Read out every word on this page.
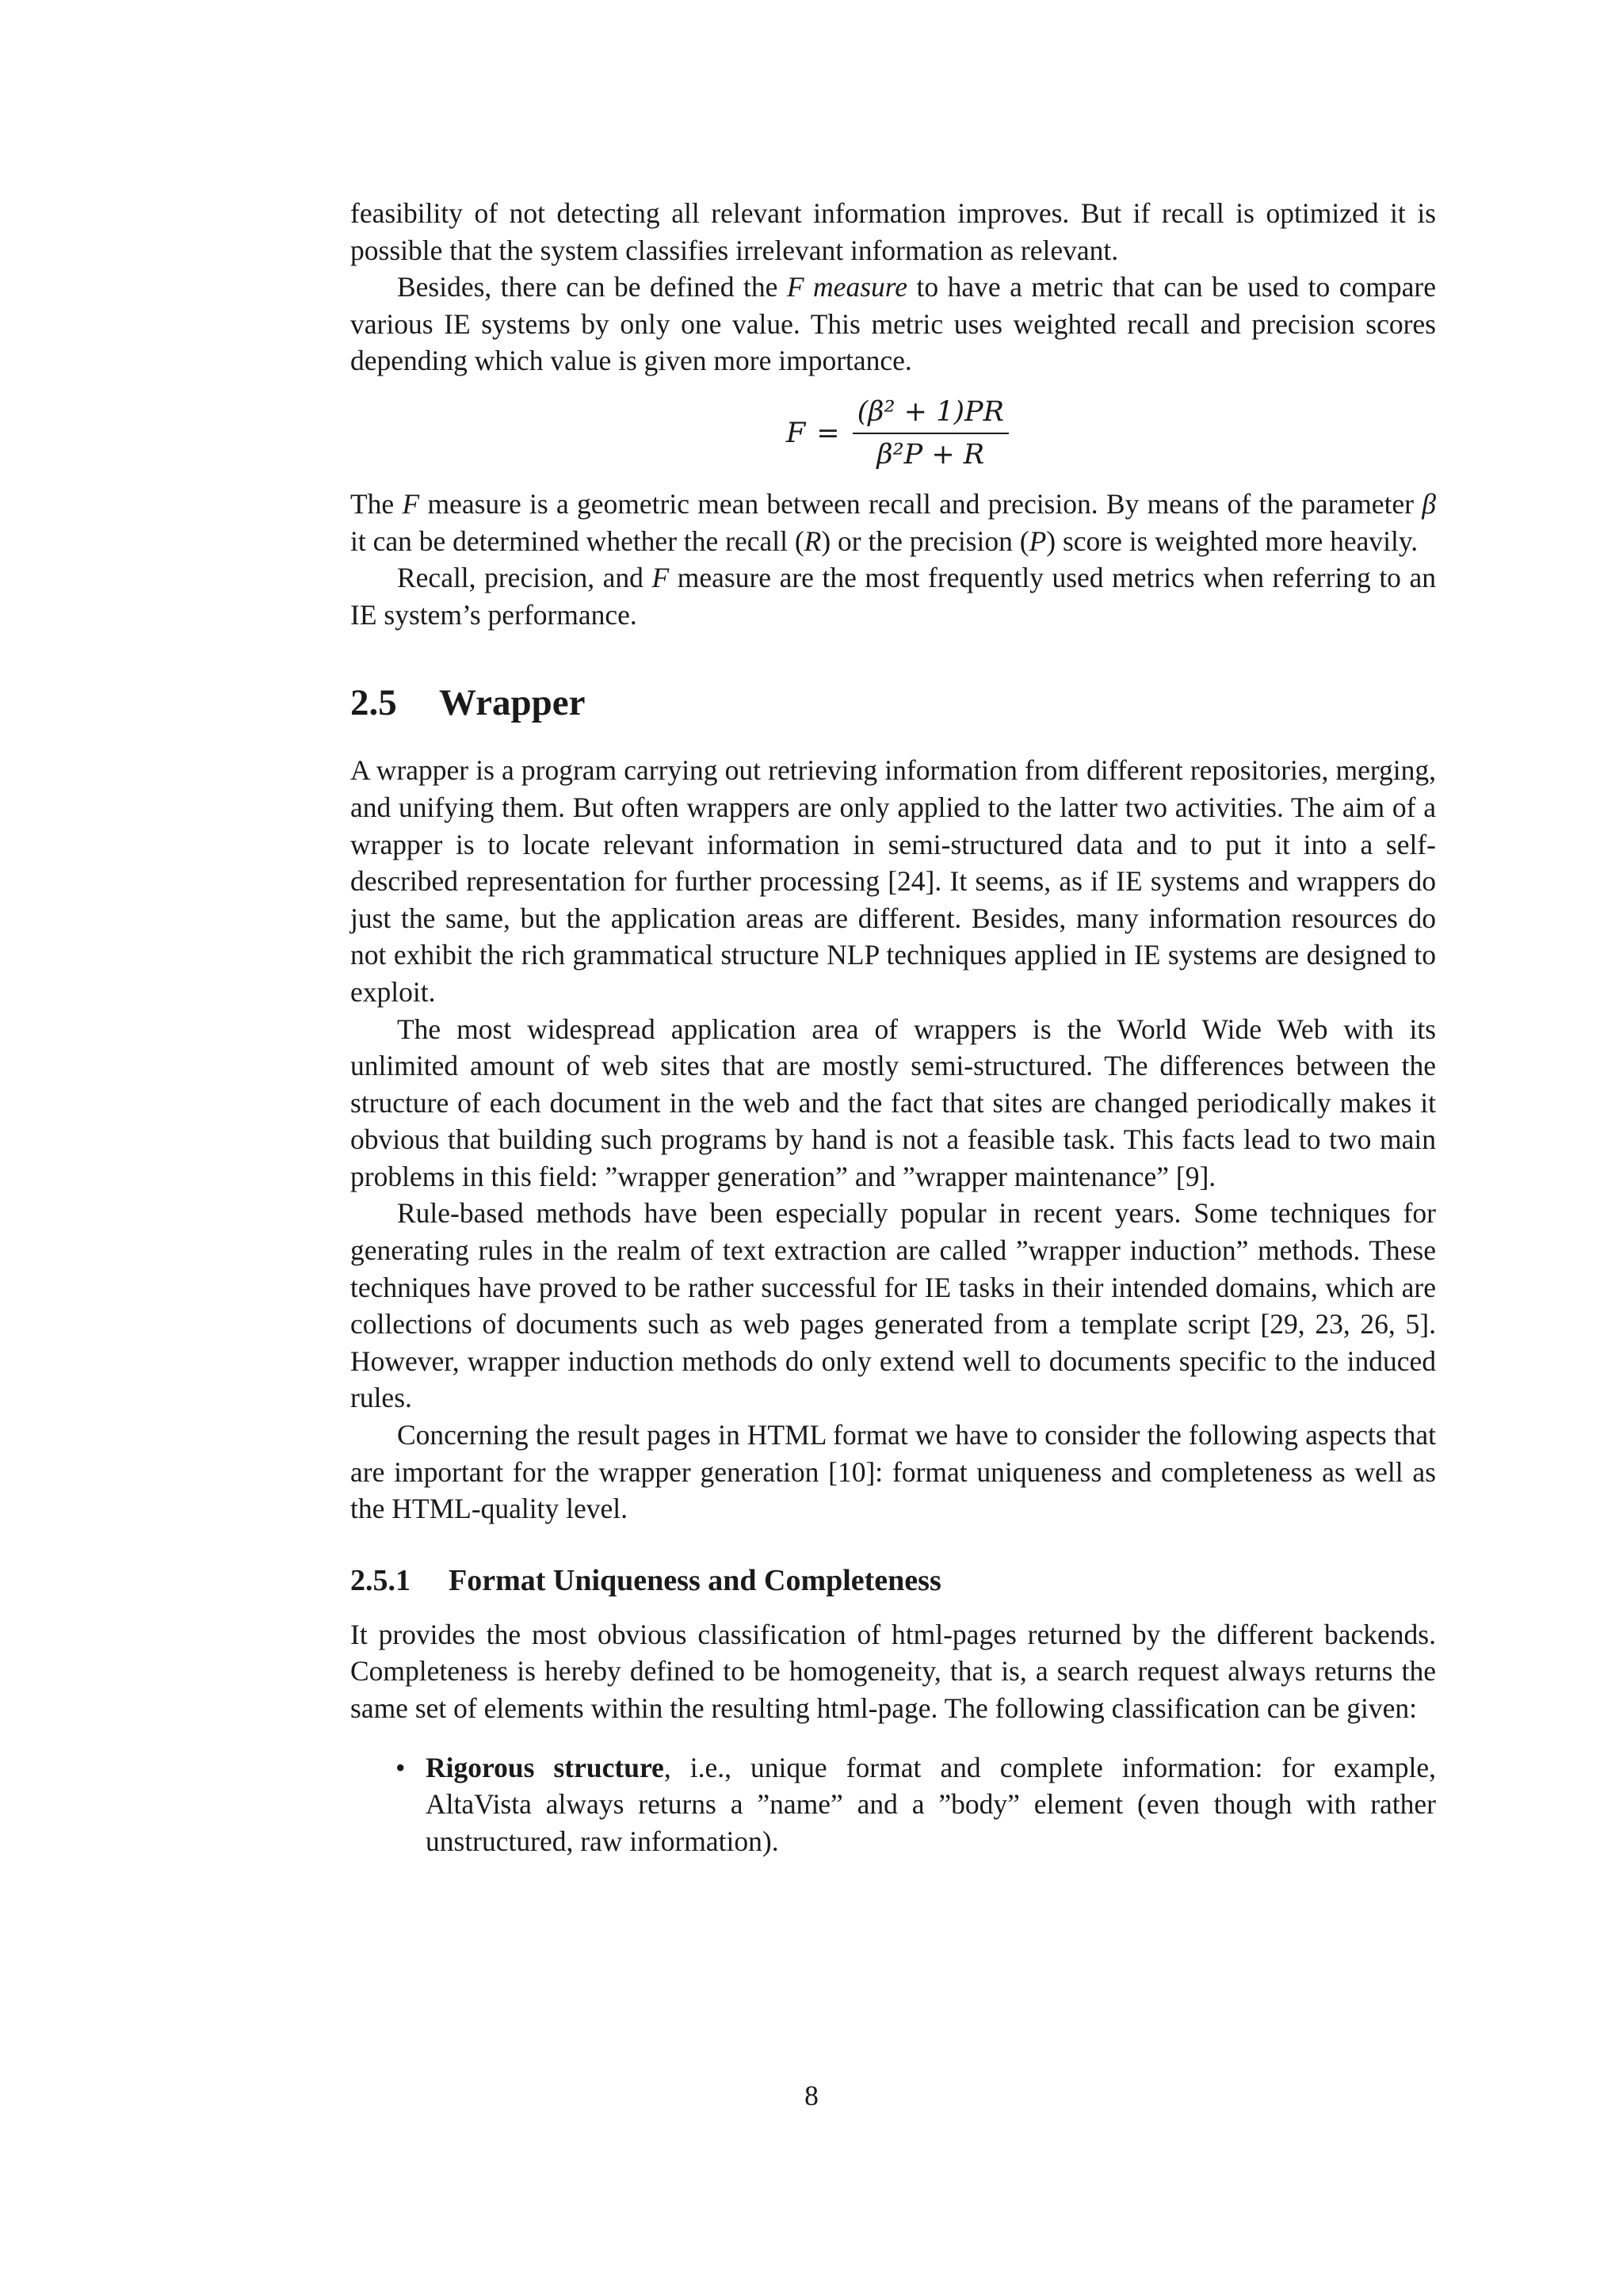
feasibility of not detecting all relevant information improves. But if recall is optimized it is possible that the system classifies irrelevant information as relevant.

Besides, there can be defined the F measure to have a metric that can be used to compare various IE systems by only one value. This metric uses weighted recall and precision scores depending which value is given more importance.

$F = \frac{\text{(β² + 1)PR}}{\text{β²P + R}}$

The F measure is a geometric mean between recall and precision. By means of the parameter β it can be determined whether the recall (R) or the precision (P) score is weighted more heavily.

Recall, precision, and F measure are the most frequently used metrics when referring to an IE system’s performance.

2.5 Wrapper

A wrapper is a program carrying out retrieving information from different repositories, merging, and unifying them. But often wrappers are only applied to the latter two activities. The aim of a wrapper is to locate relevant information in semi-structured data and to put it into a self-described representation for further processing [24]. It seems, as if IE systems and wrappers do just the same, but the application areas are different. Besides, many information resources do not exhibit the rich grammatical structure NLP techniques applied in IE systems are designed to exploit.

The most widespread application area of wrappers is the World Wide Web with its unlimited amount of web sites that are mostly semi-structured. The differences between the structure of each document in the web and the fact that sites are changed periodically makes it obvious that building such programs by hand is not a feasible task. This facts lead to two main problems in this field: ”wrapper generation” and ”wrapper maintenance” [9].

Rule-based methods have been especially popular in recent years. Some techniques for generating rules in the realm of text extraction are called ”wrapper induction” methods. These techniques have proved to be rather successful for IE tasks in their intended domains, which are collections of documents such as web pages generated from a template script [29, 23, 26, 5]. However, wrapper induction methods do only extend well to documents specific to the induced rules.

Concerning the result pages in HTML format we have to consider the following aspects that are important for the wrapper generation [10]: format uniqueness and completeness as well as the HTML-quality level.

2.5.1 Format Uniqueness and Completeness

It provides the most obvious classification of html-pages returned by the different backends. Completeness is hereby defined to be homogeneity, that is, a search request always returns the same set of elements within the resulting html-page. The following classification can be given:

• Rigorous structure, i.e., unique format and complete information: for example, AltaVista always returns a ”name” and a ”body” element (even though with rather unstructured, raw information).
8
